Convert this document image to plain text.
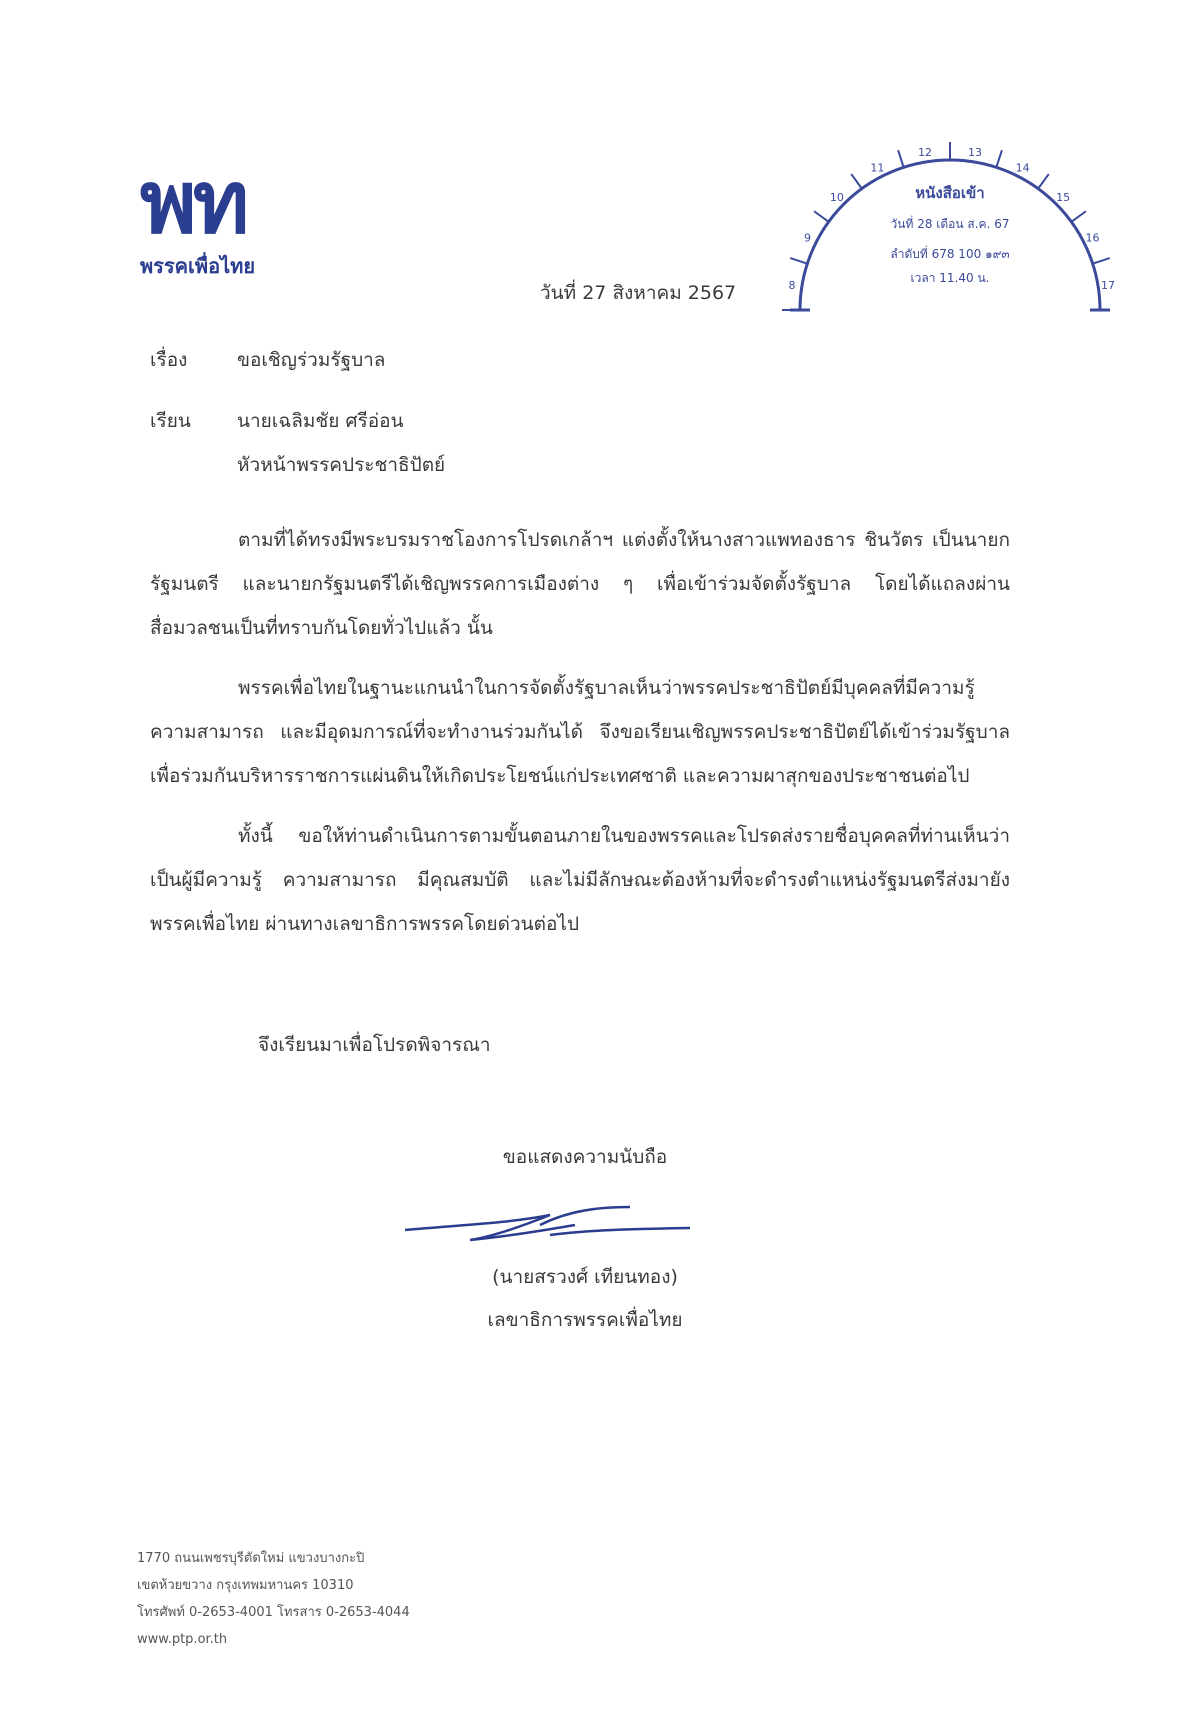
พท
พรรคเพื่อไทย
8
9
10
11
12	13
14
15
16
17
หนังสือเข้า
วันที่ 28 เดือน ส.ค. 67
ลำดับที่ 678 100 ๑๙๓
เวลา 11.40 น.
วันที่ 27 สิงหาคม 2567
เรื่อง	ขอเชิญร่วมรัฐบาล
เรียน นายเฉลิมชัย ศรีอ่อน
หัวหน้าพรรคประชาธิปัตย์

ตามที่ได้ทรงมีพระบรมราชโองการโปรดเกล้าฯ แต่งตั้งให้นางสาวแพทองธาร ชินวัตร เป็นนายกรัฐมนตรี และนายกรัฐมนตรีได้เชิญพรรคการเมืองต่าง ๆ เพื่อเข้าร่วมจัดตั้งรัฐบาล โดยได้แถลงผ่านสื่อมวลชนเป็นที่ทราบกันโดยทั่วไปแล้ว นั้น

พรรคเพื่อไทยในฐานะแกนนำในการจัดตั้งรัฐบาลเห็นว่าพรรคประชาธิปัตย์มีบุคคลที่มีความรู้ ความสามารถ และมีอุดมการณ์ที่จะทำงานร่วมกันได้ จึงขอเรียนเชิญพรรคประชาธิปัตย์ได้เข้าร่วมรัฐบาลเพื่อร่วมกันบริหารราชการแผ่นดินให้เกิดประโยชน์แก่ประเทศชาติ และความผาสุกของประชาชนต่อไป

ทั้งนี้ ขอให้ท่านดำเนินการตามขั้นตอนภายในของพรรคและโปรดส่งรายชื่อบุคคลที่ท่านเห็นว่าเป็นผู้มีความรู้ ความสามารถ มีคุณสมบัติ และไม่มีลักษณะต้องห้ามที่จะดำรงตำแหน่งรัฐมนตรีส่งมายังพรรคเพื่อไทย ผ่านทางเลขาธิการพรรคโดยด่วนต่อไป

จึงเรียนมาเพื่อโปรดพิจารณา
ขอแสดงความนับถือ
(นายสรวงศ์ เทียนทอง)
เลขาธิการพรรคเพื่อไทย
1770 ถนนเพชรบุรีตัดใหม่ แขวงบางกะปิ
เขตห้วยขวาง กรุงเทพมหานคร 10310
โทรศัพท์ 0-2653-4001 โทรสาร 0-2653-4044
www.ptp.or.th
